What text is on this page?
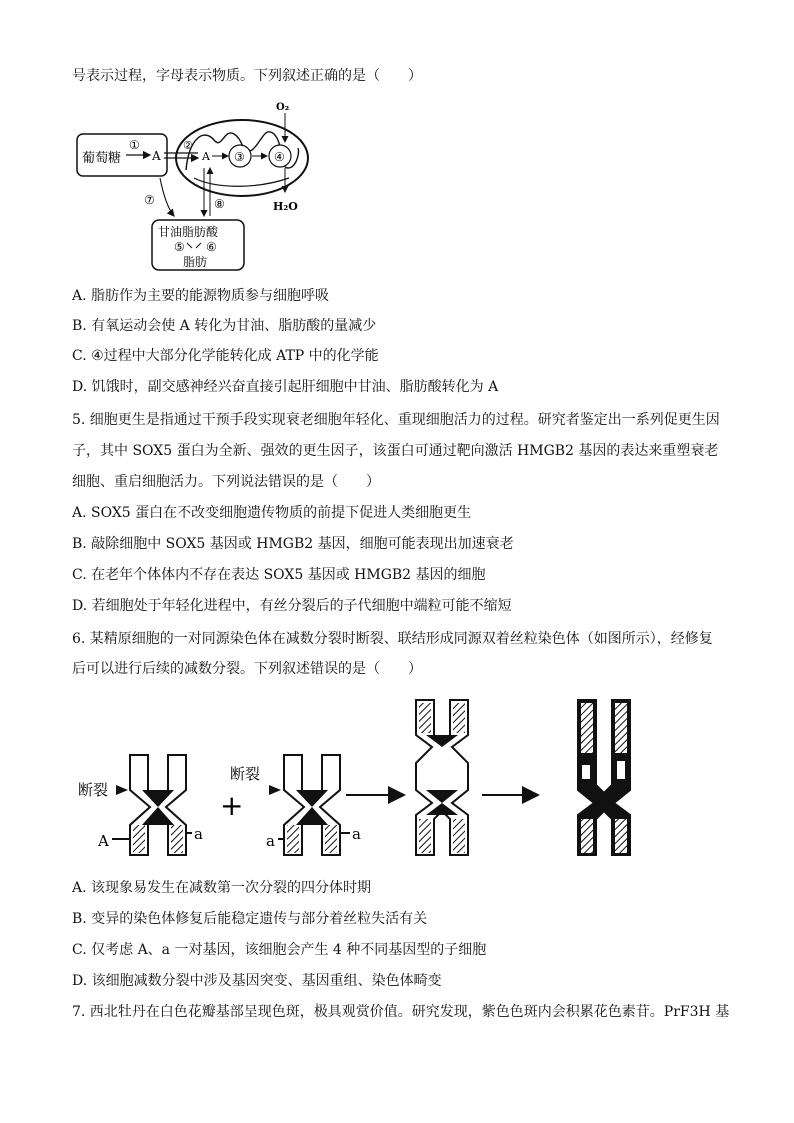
号表示过程，字母表示物质。下列叙述正确的是（　　）
葡萄糖
①
A
②
A ③ ④
O₂
H₂O
⑦	⑧
甘油脂肪酸
⑤ ⑥
脂肪
A. 脂肪作为主要的能源物质参与细胞呼吸
B. 有氧运动会使 A 转化为甘油、脂肪酸的量减少
C. ④过程中大部分化学能转化成 ATP 中的化学能
D. 饥饿时，副交感神经兴奋直接引起肝细胞中甘油、脂肪酸转化为 A
5. 细胞更生是指通过干预手段实现衰老细胞年轻化、重现细胞活力的过程。研究者鉴定出一系列促更生因
子，其中 SOX5 蛋白为全新、强效的更生因子，该蛋白可通过靶向激活 HMGB2 基因的表达来重塑衰老
细胞、重启细胞活力。下列说法错误的是（　　）
A. SOX5 蛋白在不改变细胞遗传物质的前提下促进人类细胞更生
B. 敲除细胞中 SOX5 基因或 HMGB2 基因，细胞可能表现出加速衰老
C. 在老年个体体内不存在表达 SOX5 基因或 HMGB2 基因的细胞
D. 若细胞处于年轻化进程中，有丝分裂后的子代细胞中端粒可能不缩短
6. 某精原细胞的一对同源染色体在减数分裂时断裂、联结形成同源双着丝粒染色体（如图所示），经修复
后可以进行后续的减数分裂。下列叙述错误的是（　　）
断裂
A	a
+
断裂
a	a
A. 该现象易发生在减数第一次分裂的四分体时期
B. 变异的染色体修复后能稳定遗传与部分着丝粒失活有关
C. 仅考虑 A、a 一对基因，该细胞会产生 4 种不同基因型的子细胞
D. 该细胞减数分裂中涉及基因突变、基因重组、染色体畸变
7. 西北牡丹在白色花瓣基部呈现色斑，极具观赏价值。研究发现，紫色色斑内会积累花色素苷。PrF3H 基
